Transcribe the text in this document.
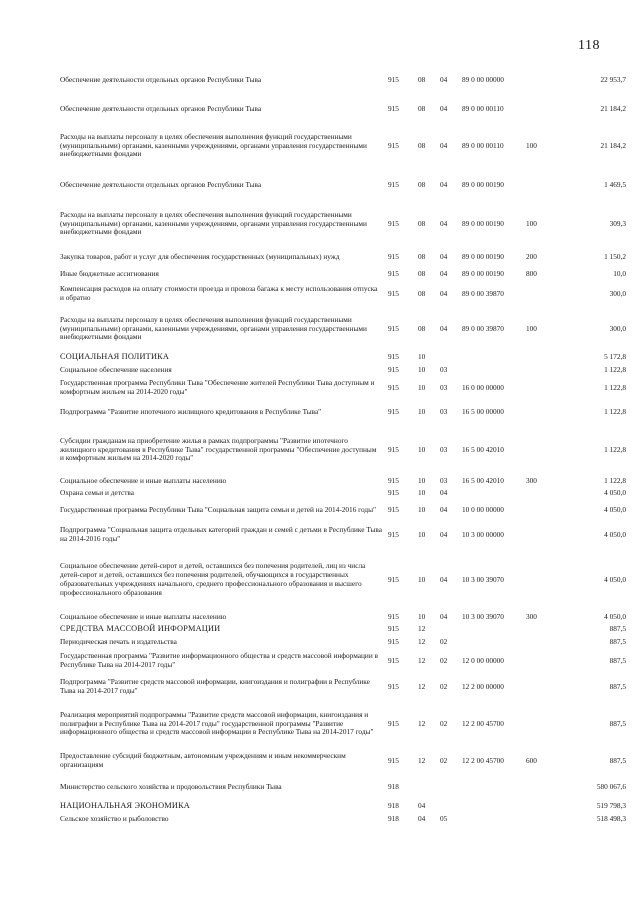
118
Обеспечение деятельности отдельных органов Республики Тыва	915	08	04	89 0 00 00000		22 953,7
Обеспечение деятельности отдельных органов Республики Тыва	915	08	04	89 0 00 00110		21 184,2
Расходы на выплаты персоналу в целях обеспечения выполнения функций государственными (муниципальными) органами, казенными учреждениями, органами управления государственными внебюджетными фондами	915	08	04	89 0 00 00110	100	21 184,2
Обеспечение деятельности отдельных органов Республики Тыва	915	08	04	89 0 00 00190		1 469,5
Расходы на выплаты персоналу в целях обеспечения выполнения функций государственными (муниципальными) органами, казенными учреждениями, органами управления государственными внебюджетными фондами	915	08	04	89 0 00 00190	100	309,3
Закупка товаров, работ и услуг для обеспечения государственных (муниципальных) нужд	915	08	04	89 0 00 00190	200	1 150,2
Иные бюджетные ассигнования	915	08	04	89 0 00 00190	800	10,0
Компенсация расходов на оплату стоимости проезда и провоза багажа к месту использования отпуска и обратно	915	08	04	89 0 00 39870		300,0
Расходы на выплаты персоналу в целях обеспечения выполнения функций государственными (муниципальными) органами, казенными учреждениями, органами управления государственными внебюджетными фондами	915	08	04	89 0 00 39870	100	300,0
СОЦИАЛЬНАЯ ПОЛИТИКА	915	10				5 172,8
Социальное обеспечение населения	915	10	03			1 122,8
Государственная программа Республики Тыва "Обеспечение жителей Республики Тыва доступным и комфортным жильем на 2014-2020 годы"	915	10	03	16 0 00 00000		1 122,8
Подпрограмма "Развитие ипотечного жилищного кредитования в Республике Тыва"	915	10	03	16 5 00 00000		1 122,8
Субсидии гражданам на приобретение жилья в рамках подпрограммы "Развитие ипотечного жилищного кредитования в Республике Тыва" государственной программы "Обеспечение доступным и комфортным жильем на 2014-2020 годы"	915	10	03	16 5 00 42010		1 122,8
Социальное обеспечение и иные выплаты населению	915	10	03	16 5 00 42010	300	1 122,8
Охрана семьи и детства	915	10	04			4 050,0
Государственная программа Республики Тыва "Социальная защита семьи и детей на 2014-2016 годы"	915	10	04	10 0 00 00000		4 050,0
Подпрограмма "Социальная защита отдельных категорий граждан и семей с детьми в Республике Тыва на 2014-2016 годы"	915	10	04	10 3 00 00000		4 050,0
Социальное обеспечение детей-сирот и детей, оставшихся без попечения родителей, лиц из числа детей-сирот и детей, оставшихся без попечения родителей, обучающихся в государственных образовательных учреждениях начального, среднего профессионального образования и высшего профессионального образования	915	10	04	10 3 00 39070		4 050,0
Социальное обеспечение и иные выплаты населению	915	10	04	10 3 00 39070	300	4 050,0
СРЕДСТВА МАССОВОЙ ИНФОРМАЦИИ	915	12				887,5
Периодическая печать и издательства	915	12	02			887,5
Государственная программа "Развитие информационного общества и средств массовой информации в Республике Тыва на 2014-2017 годы"	915	12	02	12 0 00 00000		887,5
Подпрограмма "Развитие средств массовой информации, книгоиздания и полиграфии в Республике Тыва на 2014-2017 годы"	915	12	02	12 2 00 00000		887,5
Реализация мероприятий подпрограммы "Развитие средств массовой информации, книгоиздания и полиграфии в Республике Тыва на 2014-2017 годы" государственной программы "Развитие информационного общества и средств массовой информации в Республике Тыва на 2014-2017 годы"	915	12	02	12 2 00 45700		887,5
Предоставление субсидий бюджетным, автономным учреждениям и иным некоммерческим организациям	915	12	02	12 2 00 45700	600	887,5
Министерство сельского хозяйства и продовольствия Республики Тыва	918					580 067,6
НАЦИОНАЛЬНАЯ ЭКОНОМИКА	918	04				519 798,3
Сельское хозяйство и рыболовство	918	04	05			518 498,3
